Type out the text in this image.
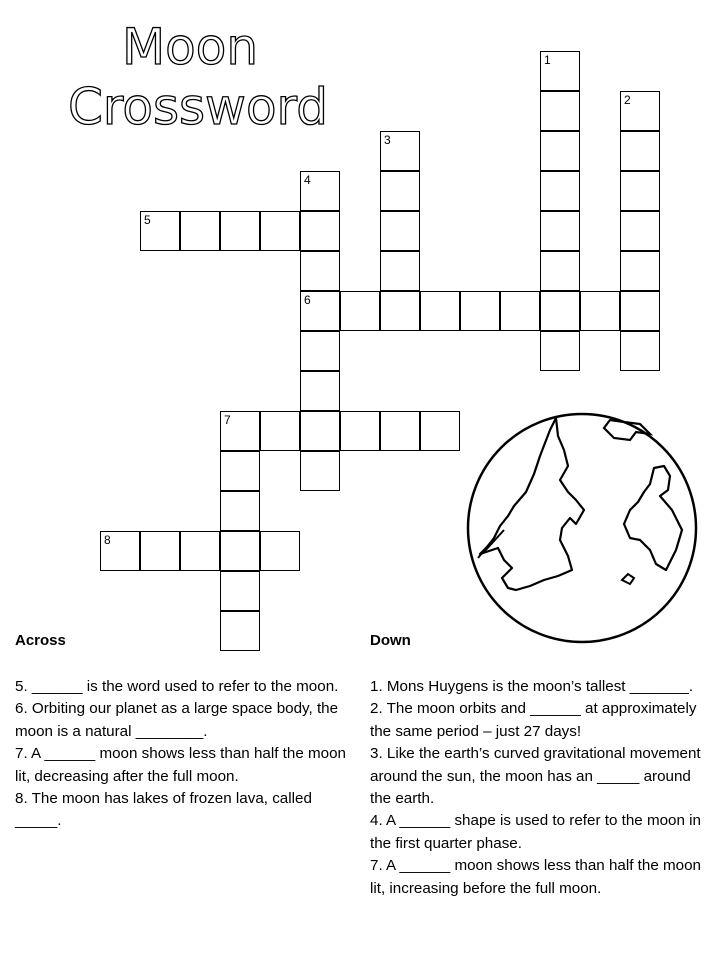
Moon
Crossword
1
2
3
4
6
5
7
8
Across	Down

5. ______ is the word used to refer to the moon.

6. Orbiting our planet as a large space body, the moon is a natural ________.

7. A ______ moon shows less than half the moon lit, decreasing after the full moon.

8. The moon has lakes of frozen lava, called _____.

1. Mons Huygens is the moon’s tallest _______.

2. The moon orbits and ______ at approximately the same period – just 27 days!

3. Like the earth’s curved gravitational movement around the sun, the moon has an _____ around the earth.

4. A ______ shape is used to refer to the moon in the first quarter phase.

7. A ______ moon shows less than half the moon lit, increasing before the full moon.
